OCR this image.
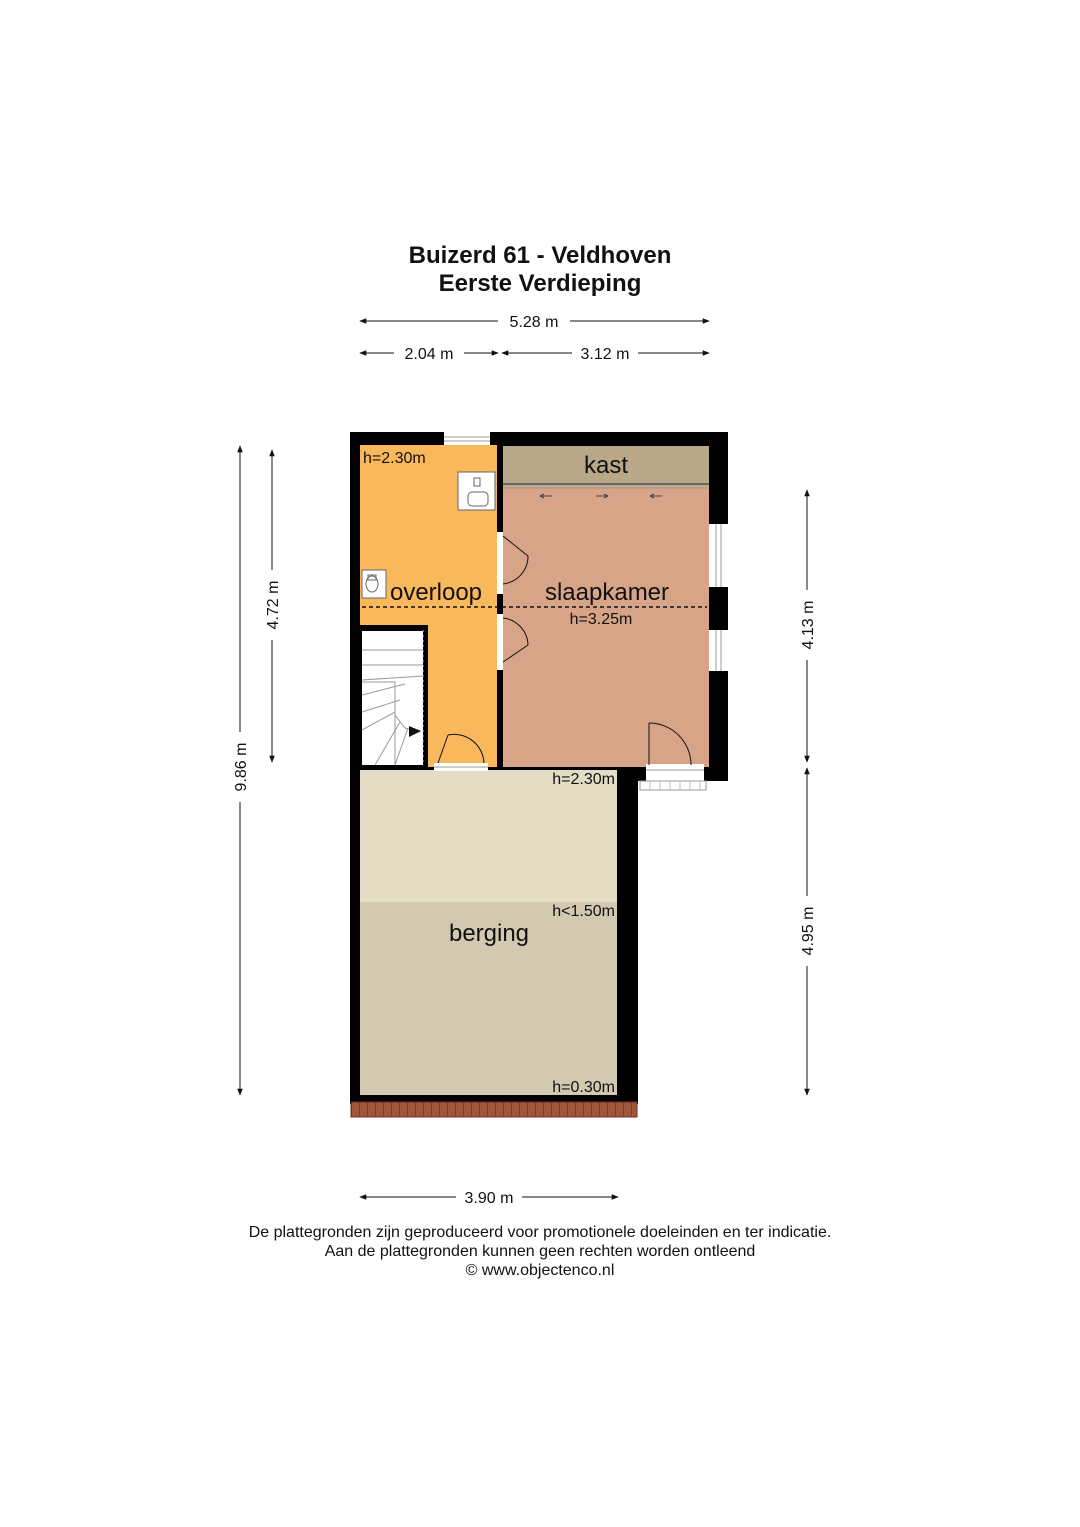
Buizerd 61 - Veldhoven
Eerste Verdieping
5.28 m
2.04 m	3.12 m
3.90 m
9.86 m
4.72 m	4.13 m
4.95 m
kast
overloop	slaapkamer
berging
h=2.30m
h=3.25m
h=2.30m
h<1.50m
h=0.30m
De plattegronden zijn geproduceerd voor promotionele doeleinden en ter indicatie.
Aan de plattegronden kunnen geen rechten worden ontleend
© www.objectenco.nl
